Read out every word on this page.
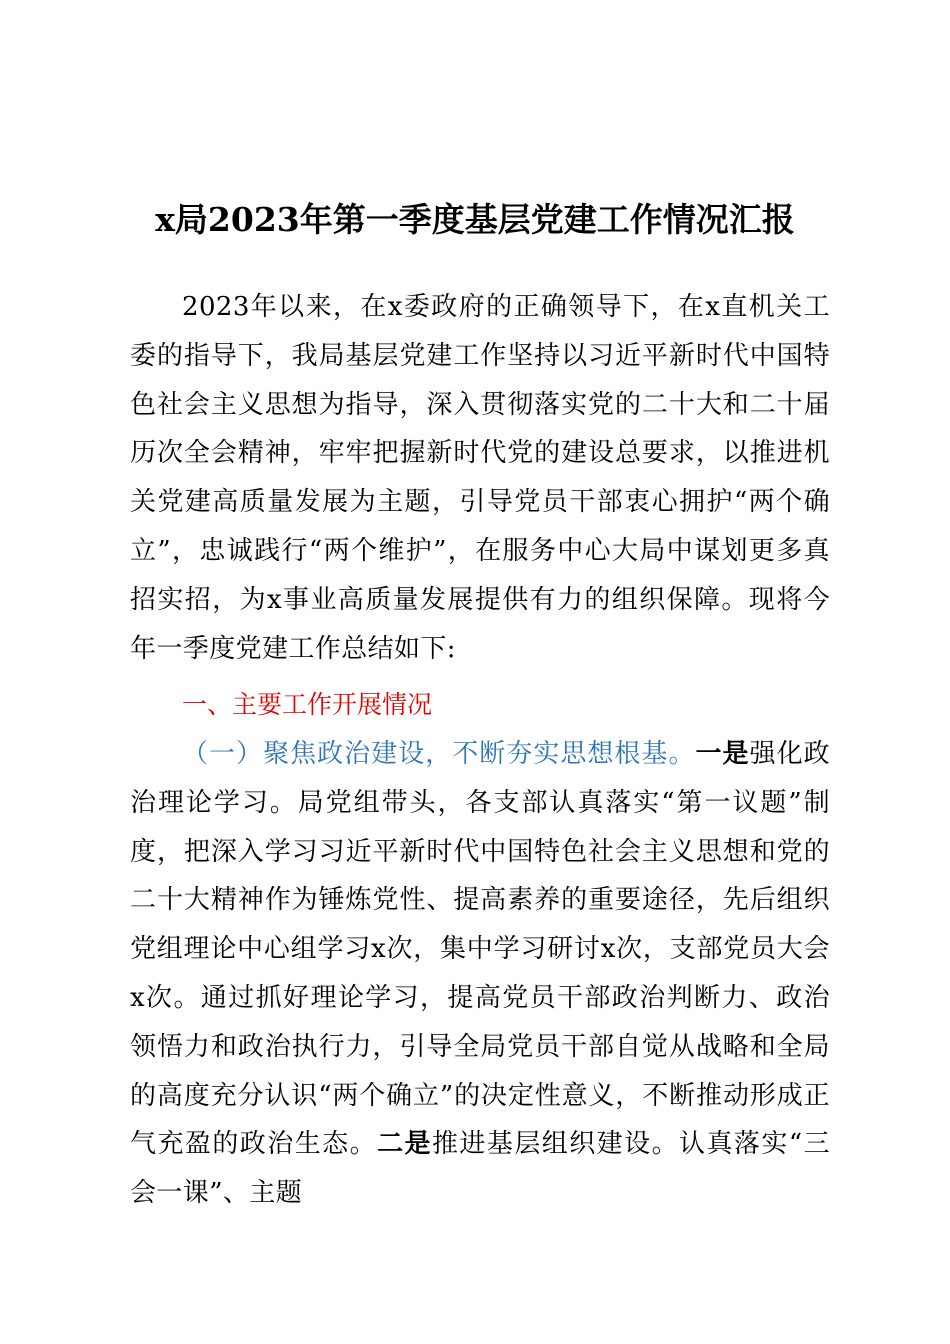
x局2023年第一季度基层党建工作情况汇报

2023年以来，在x委政府的正确领导下，在x直机关工委的指导下，我局基层党建工作坚持以习近平新时代中国特色社会主义思想为指导，深入贯彻落实党的二十大和二十届历次全会精神，牢牢把握新时代党的建设总要求，以推进机关党建高质量发展为主题，引导党员干部衷心拥护“两个确立”，忠诚践行“两个维护”，在服务中心大局中谋划更多真招实招，为x事业高质量发展提供有力的组织保障。现将今年一季度党建工作总结如下:

一、主要工作开展情况

（一）聚焦政治建设，不断夯实思想根基。一是强化政治理论学习。局党组带头，各支部认真落实“第一议题”制度，把深入学习习近平新时代中国特色社会主义思想和党的二十大精神作为锤炼党性、提高素养的重要途径，先后组织党组理论中心组学习x次，集中学习研讨x次，支部党员大会x次。通过抓好理论学习，提高党员干部政治判断力、政治领悟力和政治执行力，引导全局党员干部自觉从战略和全局的高度充分认识“两个确立”的决定性意义，不断推动形成正气充盈的政治生态。二是推进基层组织建设。认真落实“三会一课”、主题
